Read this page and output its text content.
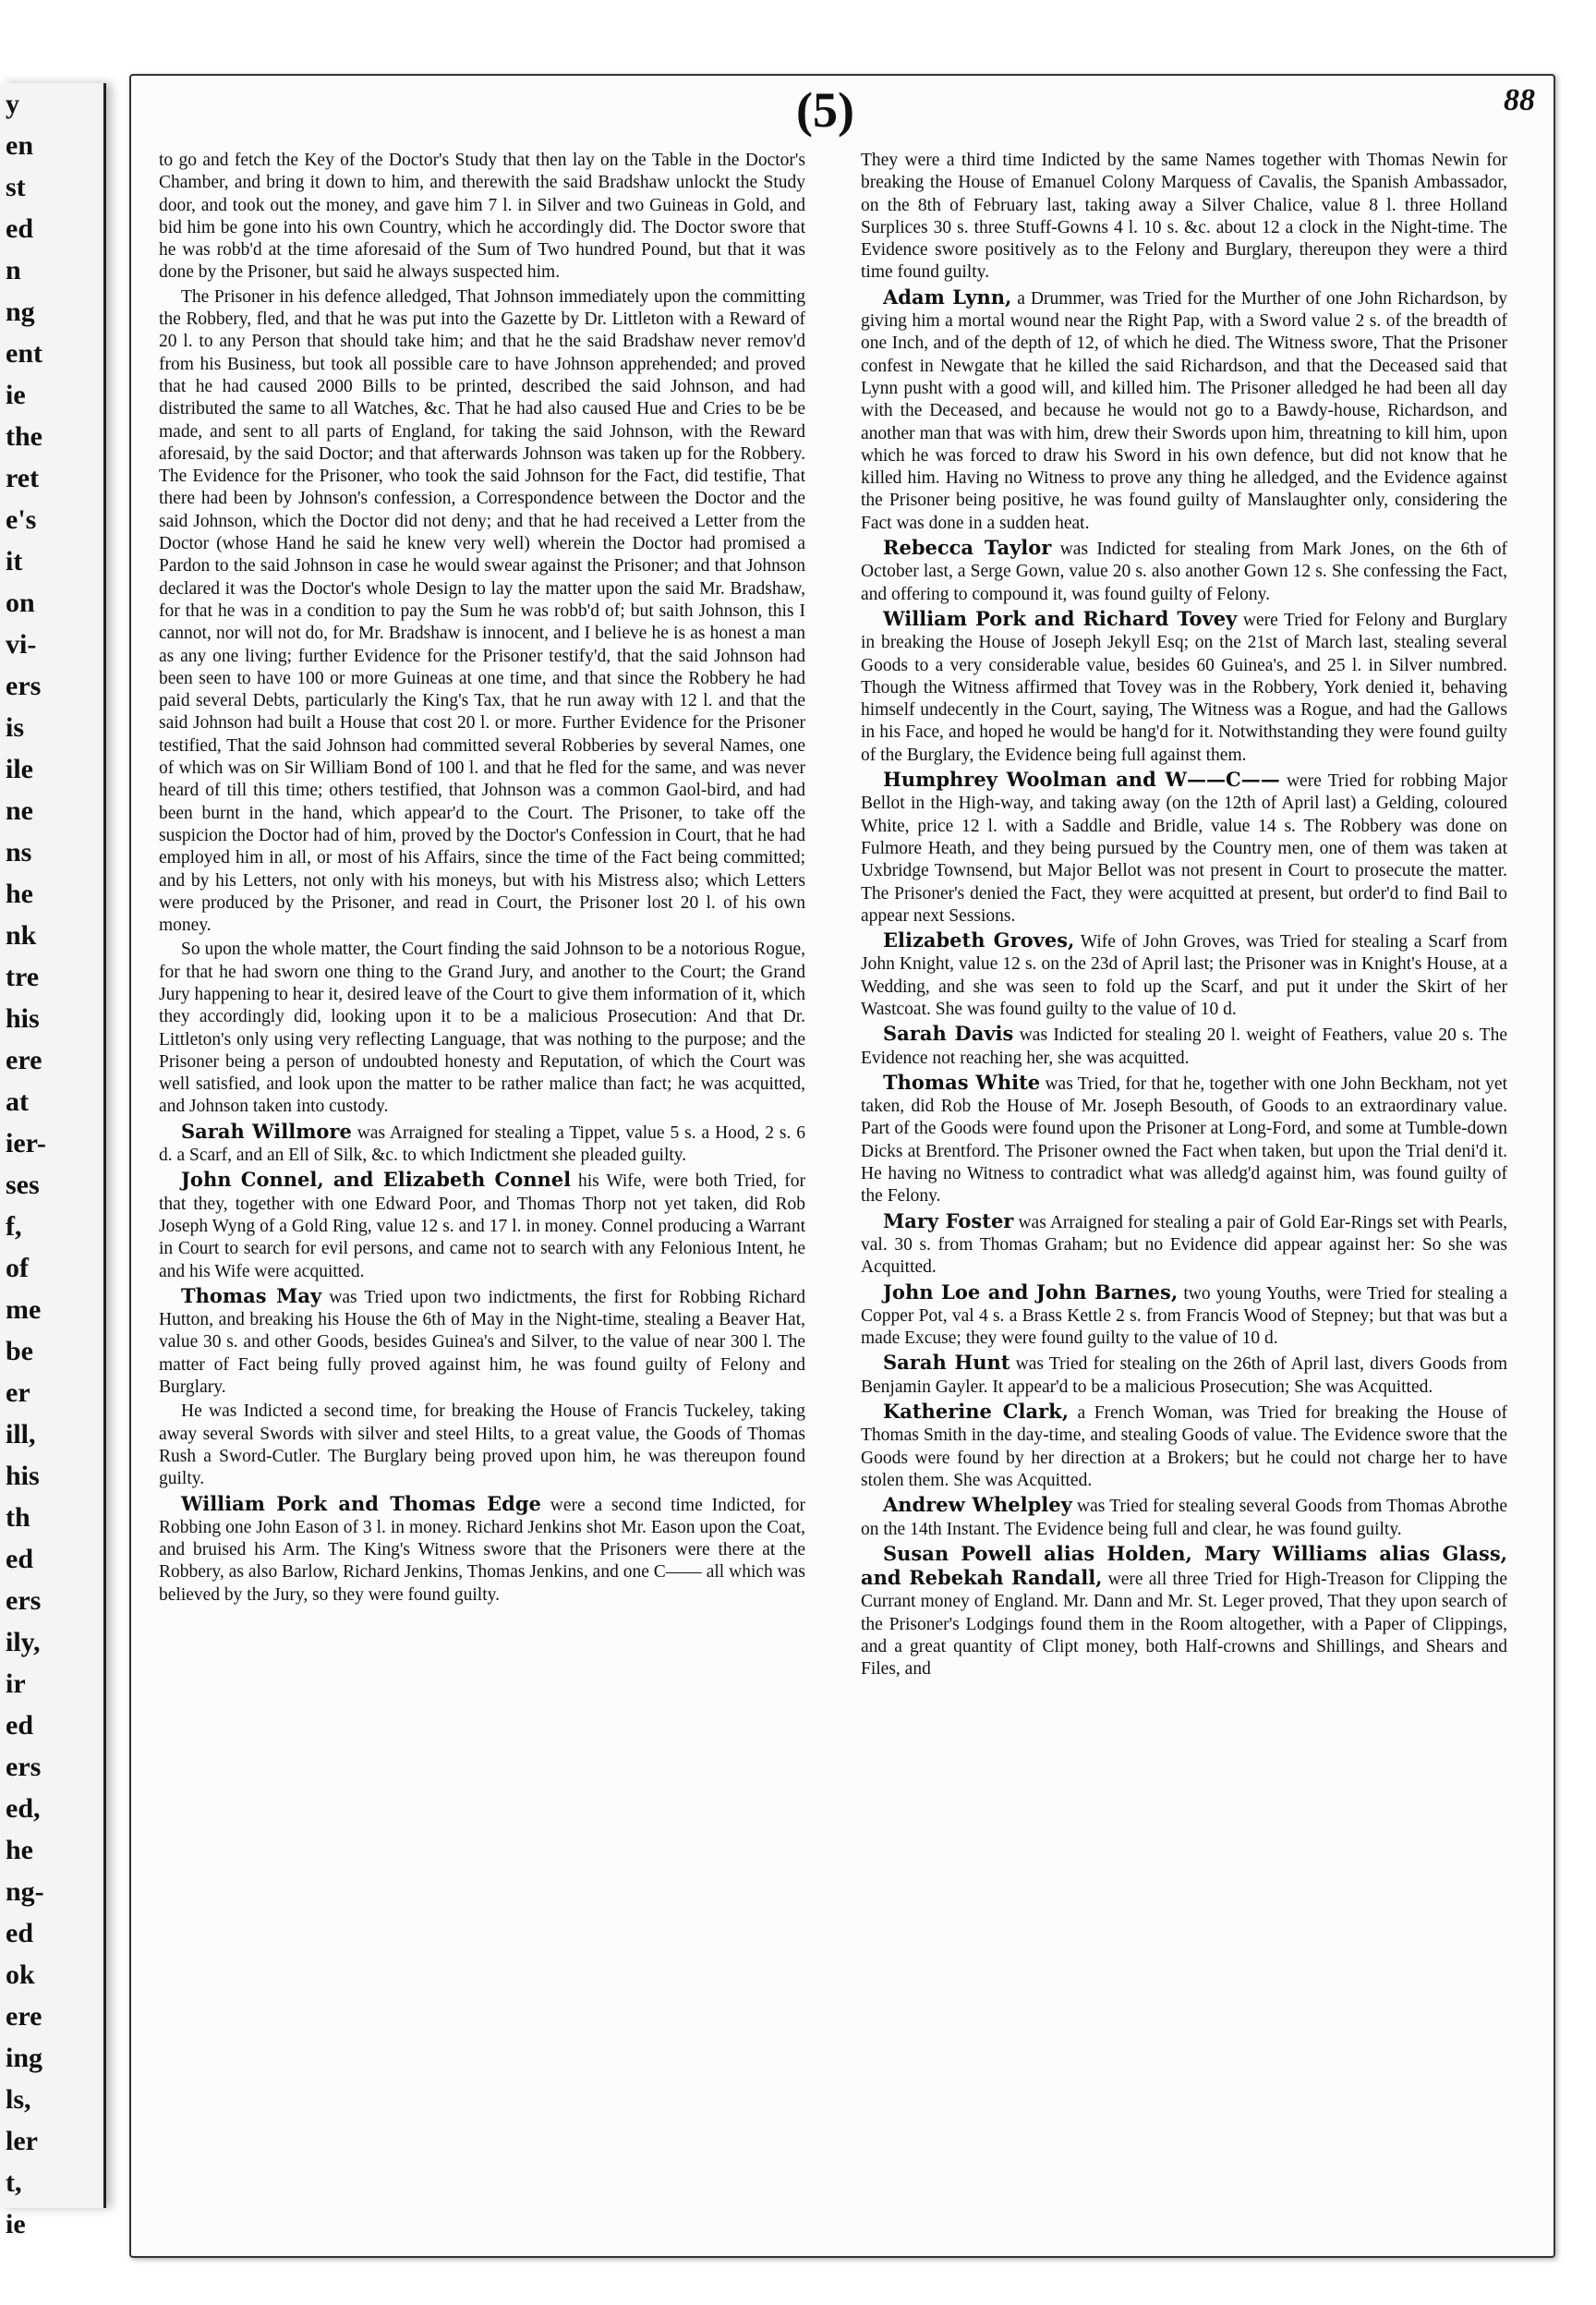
y
en
st
ed
n
ng
ent
ie
the
ret
e's
it
on
vi-
ers
is
ile
ne
ns
he
nk
tre
his
ere
at
ier-
ses
f,
of
me
be
er
ill,
his
th
ed
ers
ily,
ir
ed
ers
ed,
he
ng-
ed
ok
ere
ing
ls,
ler
t,
ie
(5)	88

to go and fetch the Key of the Doctor's Study that then lay on the Table in the Doctor's Chamber, and bring it down to him, and therewith the said Bradshaw unlockt the Study door, and took out the money, and gave him 7 l. in Silver and two Guineas in Gold, and bid him be gone into his own Country, which he accordingly did. The Doctor swore that he was robb'd at the time aforesaid of the Sum of Two hundred Pound, but that it was done by the Prisoner, but said he always suspected him.

The Prisoner in his defence alledged, That Johnson immediately upon the committing the Robbery, fled, and that he was put into the Gazette by Dr. Littleton with a Reward of 20 l. to any Person that should take him; and that he the said Bradshaw never remov'd from his Business, but took all possible care to have Johnson apprehended; and proved that he had caused 2000 Bills to be printed, described the said Johnson, and had distributed the same to all Watches, &c. That he had also caused Hue and Cries to be be made, and sent to all parts of England, for taking the said Johnson, with the Reward aforesaid, by the said Doctor; and that afterwards Johnson was taken up for the Robbery. The Evidence for the Prisoner, who took the said Johnson for the Fact, did testifie, That there had been by Johnson's confession, a Correspondence between the Doctor and the said Johnson, which the Doctor did not deny; and that he had received a Letter from the Doctor (whose Hand he said he knew very well) wherein the Doctor had promised a Pardon to the said Johnson in case he would swear against the Prisoner; and that Johnson declared it was the Doctor's whole Design to lay the matter upon the said Mr. Bradshaw, for that he was in a condition to pay the Sum he was robb'd of; but saith Johnson, this I cannot, nor will not do, for Mr. Bradshaw is innocent, and I believe he is as honest a man as any one living; further Evidence for the Prisoner testify'd, that the said Johnson had been seen to have 100 or more Guineas at one time, and that since the Robbery he had paid several Debts, particularly the King's Tax, that he run away with 12 l. and that the said Johnson had built a House that cost 20 l. or more. Further Evidence for the Prisoner testified, That the said Johnson had committed several Robberies by several Names, one of which was on Sir William Bond of 100 l. and that he fled for the same, and was never heard of till this time; others testified, that Johnson was a common Gaol-bird, and had been burnt in the hand, which appear'd to the Court. The Prisoner, to take off the suspicion the Doctor had of him, proved by the Doctor's Confession in Court, that he had employed him in all, or most of his Affairs, since the time of the Fact being committed; and by his Letters, not only with his moneys, but with his Mistress also; which Letters were produced by the Prisoner, and read in Court, the Prisoner lost 20 l. of his own money.

So upon the whole matter, the Court finding the said Johnson to be a notorious Rogue, for that he had sworn one thing to the Grand Jury, and another to the Court; the Grand Jury happening to hear it, desired leave of the Court to give them information of it, which they accordingly did, looking upon it to be a malicious Prosecution: And that Dr. Littleton's only using very reflecting Language, that was nothing to the purpose; and the Prisoner being a person of undoubted honesty and Reputation, of which the Court was well satisfied, and look upon the matter to be rather malice than fact; he was acquitted, and Johnson taken into custody.

Sarah Willmore was Arraigned for stealing a Tippet, value 5 s. a Hood, 2 s. 6 d. a Scarf, and an Ell of Silk, &c. to which Indictment she pleaded guilty.

John Connel, and Elizabeth Connel his Wife, were both Tried, for that they, together with one Edward Poor, and Thomas Thorp not yet taken, did Rob Joseph Wyng of a Gold Ring, value 12 s. and 17 l. in money. Connel producing a Warrant in Court to search for evil persons, and came not to search with any Felonious Intent, he and his Wife were acquitted.

Thomas May was Tried upon two indictments, the first for Robbing Richard Hutton, and breaking his House the 6th of May in the Night-time, stealing a Beaver Hat, value 30 s. and other Goods, besides Guinea's and Silver, to the value of near 300 l. The matter of Fact being fully proved against him, he was found guilty of Felony and Burglary.

He was Indicted a second time, for breaking the House of Francis Tuckeley, taking away several Swords with silver and steel Hilts, to a great value, the Goods of Thomas Rush a Sword-Cutler. The Burglary being proved upon him, he was thereupon found guilty.

William Pork and Thomas Edge were a second time Indicted, for Robbing one John Eason of 3 l. in money. Richard Jenkins shot Mr. Eason upon the Coat, and bruised his Arm. The King's Witness swore that the Prisoners were there at the Robbery, as also Barlow, Richard Jenkins, Thomas Jenkins, and one C—— all which was believed by the Jury, so they were found guilty.

They were a third time Indicted by the same Names together with Thomas Newin for breaking the House of Emanuel Colony Marquess of Cavalis, the Spanish Ambassador, on the 8th of February last, taking away a Silver Chalice, value 8 l. three Holland Surplices 30 s. three Stuff-Gowns 4 l. 10 s. &c. about 12 a clock in the Night-time. The Evidence swore positively as to the Felony and Burglary, thereupon they were a third time found guilty.

Adam Lynn, a Drummer, was Tried for the Murther of one John Richardson, by giving him a mortal wound near the Right Pap, with a Sword value 2 s. of the breadth of one Inch, and of the depth of 12, of which he died. The Witness swore, That the Prisoner confest in Newgate that he killed the said Richardson, and that the Deceased said that Lynn pusht with a good will, and killed him. The Prisoner alledged he had been all day with the Deceased, and because he would not go to a Bawdy-house, Richardson, and another man that was with him, drew their Swords upon him, threatning to kill him, upon which he was forced to draw his Sword in his own defence, but did not know that he killed him. Having no Witness to prove any thing he alledged, and the Evidence against the Prisoner being positive, he was found guilty of Manslaughter only, considering the Fact was done in a sudden heat.

Rebecca Taylor was Indicted for stealing from Mark Jones, on the 6th of October last, a Serge Gown, value 20 s. also another Gown 12 s. She confessing the Fact, and offering to compound it, was found guilty of Felony.

William Pork and Richard Tovey were Tried for Felony and Burglary in breaking the House of Joseph Jekyll Esq; on the 21st of March last, stealing several Goods to a very considerable value, besides 60 Guinea's, and 25 l. in Silver numbred. Though the Witness affirmed that Tovey was in the Robbery, York denied it, behaving himself undecently in the Court, saying, The Witness was a Rogue, and had the Gallows in his Face, and hoped he would be hang'd for it. Notwithstanding they were found guilty of the Burglary, the Evidence being full against them.

Humphrey Woolman and W——C—— were Tried for robbing Major Bellot in the High-way, and taking away (on the 12th of April last) a Gelding, coloured White, price 12 l. with a Saddle and Bridle, value 14 s. The Robbery was done on Fulmore Heath, and they being pursued by the Country men, one of them was taken at Uxbridge Townsend, but Major Bellot was not present in Court to prosecute the matter. The Prisoner's denied the Fact, they were acquitted at present, but order'd to find Bail to appear next Sessions.

Elizabeth Groves, Wife of John Groves, was Tried for stealing a Scarf from John Knight, value 12 s. on the 23d of April last; the Prisoner was in Knight's House, at a Wedding, and she was seen to fold up the Scarf, and put it under the Skirt of her Wastcoat. She was found guilty to the value of 10 d.

Sarah Davis was Indicted for stealing 20 l. weight of Feathers, value 20 s. The Evidence not reaching her, she was acquitted.

Thomas White was Tried, for that he, together with one John Beckham, not yet taken, did Rob the House of Mr. Joseph Besouth, of Goods to an extraordinary value. Part of the Goods were found upon the Prisoner at Long-Ford, and some at Tumble-down Dicks at Brentford. The Prisoner owned the Fact when taken, but upon the Trial deni'd it. He having no Witness to contradict what was alledg'd against him, was found guilty of the Felony.

Mary Foster was Arraigned for stealing a pair of Gold Ear-Rings set with Pearls, val. 30 s. from Thomas Graham; but no Evidence did appear against her: So she was Acquitted.

John Loe and John Barnes, two young Youths, were Tried for stealing a Copper Pot, val 4 s. a Brass Kettle 2 s. from Francis Wood of Stepney; but that was but a made Excuse; they were found guilty to the value of 10 d.

Sarah Hunt was Tried for stealing on the 26th of April last, divers Goods from Benjamin Gayler. It appear'd to be a malicious Prosecution; She was Acquitted.

Katherine Clark, a French Woman, was Tried for breaking the House of Thomas Smith in the day-time, and stealing Goods of value. The Evidence swore that the Goods were found by her direction at a Brokers; but he could not charge her to have stolen them. She was Acquitted.

Andrew Whelpley was Tried for stealing several Goods from Thomas Abrothe on the 14th Instant. The Evidence being full and clear, he was found guilty.

Susan Powell alias Holden, Mary Williams alias Glass, and Rebekah Randall, were all three Tried for High-Treason for Clipping the Currant money of England. Mr. Dann and Mr. St. Leger proved, That they upon search of the Prisoner's Lodgings found them in the Room altogether, with a Paper of Clippings, and a great quantity of Clipt money, both Half-crowns and Shillings, and Shears and Files, and
